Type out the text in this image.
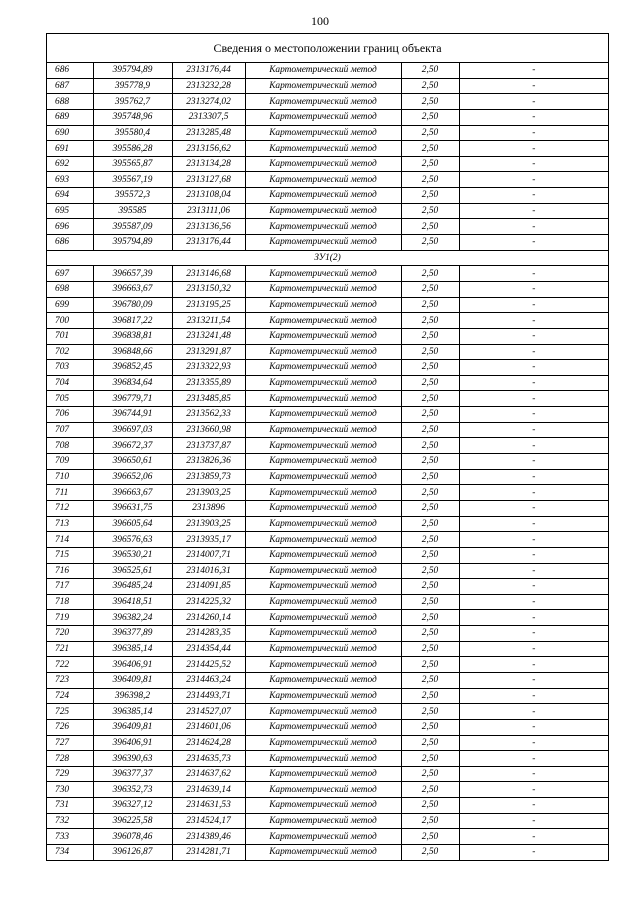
100
Сведения о местоположении границ объекта
686	395794,89	2313176,44	Картометрический метод	2,50	-
687	395778,9	2313232,28	Картометрический метод	2,50	-
688	395762,7	2313274,02	Картометрический метод	2,50	-
689	395748,96	2313307,5	Картометрический метод	2,50	-
690	395580,4	2313285,48	Картометрический метод	2,50	-
691	395586,28	2313156,62	Картометрический метод	2,50	-
692	395565,87	2313134,28	Картометрический метод	2,50	-
693	395567,19	2313127,68	Картометрический метод	2,50	-
694	395572,3	2313108,04	Картометрический метод	2,50	-
695	395585	2313111,06	Картометрический метод	2,50	-
696	395587,09	2313136,56	Картометрический метод	2,50	-
686	395794,89	2313176,44	Картометрический метод	2,50	-
ЗУ1(2)					
697	396657,39	2313146,68	Картометрический метод	2,50	-
698	396663,67	2313150,32	Картометрический метод	2,50	-
699	396780,09	2313195,25	Картометрический метод	2,50	-
700	396817,22	2313211,54	Картометрический метод	2,50	-
701	396838,81	2313241,48	Картометрический метод	2,50	-
702	396848,66	2313291,87	Картометрический метод	2,50	-
703	396852,45	2313322,93	Картометрический метод	2,50	-
704	396834,64	2313355,89	Картометрический метод	2,50	-
705	396779,71	2313485,85	Картометрический метод	2,50	-
706	396744,91	2313562,33	Картометрический метод	2,50	-
707	396697,03	2313660,98	Картометрический метод	2,50	-
708	396672,37	2313737,87	Картометрический метод	2,50	-
709	396650,61	2313826,36	Картометрический метод	2,50	-
710	396652,06	2313859,73	Картометрический метод	2,50	-
711	396663,67	2313903,25	Картометрический метод	2,50	-
712	396631,75	2313896	Картометрический метод	2,50	-
713	396605,64	2313903,25	Картометрический метод	2,50	-
714	396576,63	2313935,17	Картометрический метод	2,50	-
715	396530,21	2314007,71	Картометрический метод	2,50	-
716	396525,61	2314016,31	Картометрический метод	2,50	-
717	396485,24	2314091,85	Картометрический метод	2,50	-
718	396418,51	2314225,32	Картометрический метод	2,50	-
719	396382,24	2314260,14	Картометрический метод	2,50	-
720	396377,89	2314283,35	Картометрический метод	2,50	-
721	396385,14	2314354,44	Картометрический метод	2,50	-
722	396406,91	2314425,52	Картометрический метод	2,50	-
723	396409,81	2314463,24	Картометрический метод	2,50	-
724	396398,2	2314493,71	Картометрический метод	2,50	-
725	396385,14	2314527,07	Картометрический метод	2,50	-
726	396409,81	2314601,06	Картометрический метод	2,50	-
727	396406,91	2314624,28	Картометрический метод	2,50	-
728	396390,63	2314635,73	Картометрический метод	2,50	-
729	396377,37	2314637,62	Картометрический метод	2,50	-
730	396352,73	2314639,14	Картометрический метод	2,50	-
731	396327,12	2314631,53	Картометрический метод	2,50	-
732	396225,58	2314524,17	Картометрический метод	2,50	-
733	396078,46	2314389,46	Картометрический метод	2,50	-
734	396126,87	2314281,71	Картометрический метод	2,50	-
